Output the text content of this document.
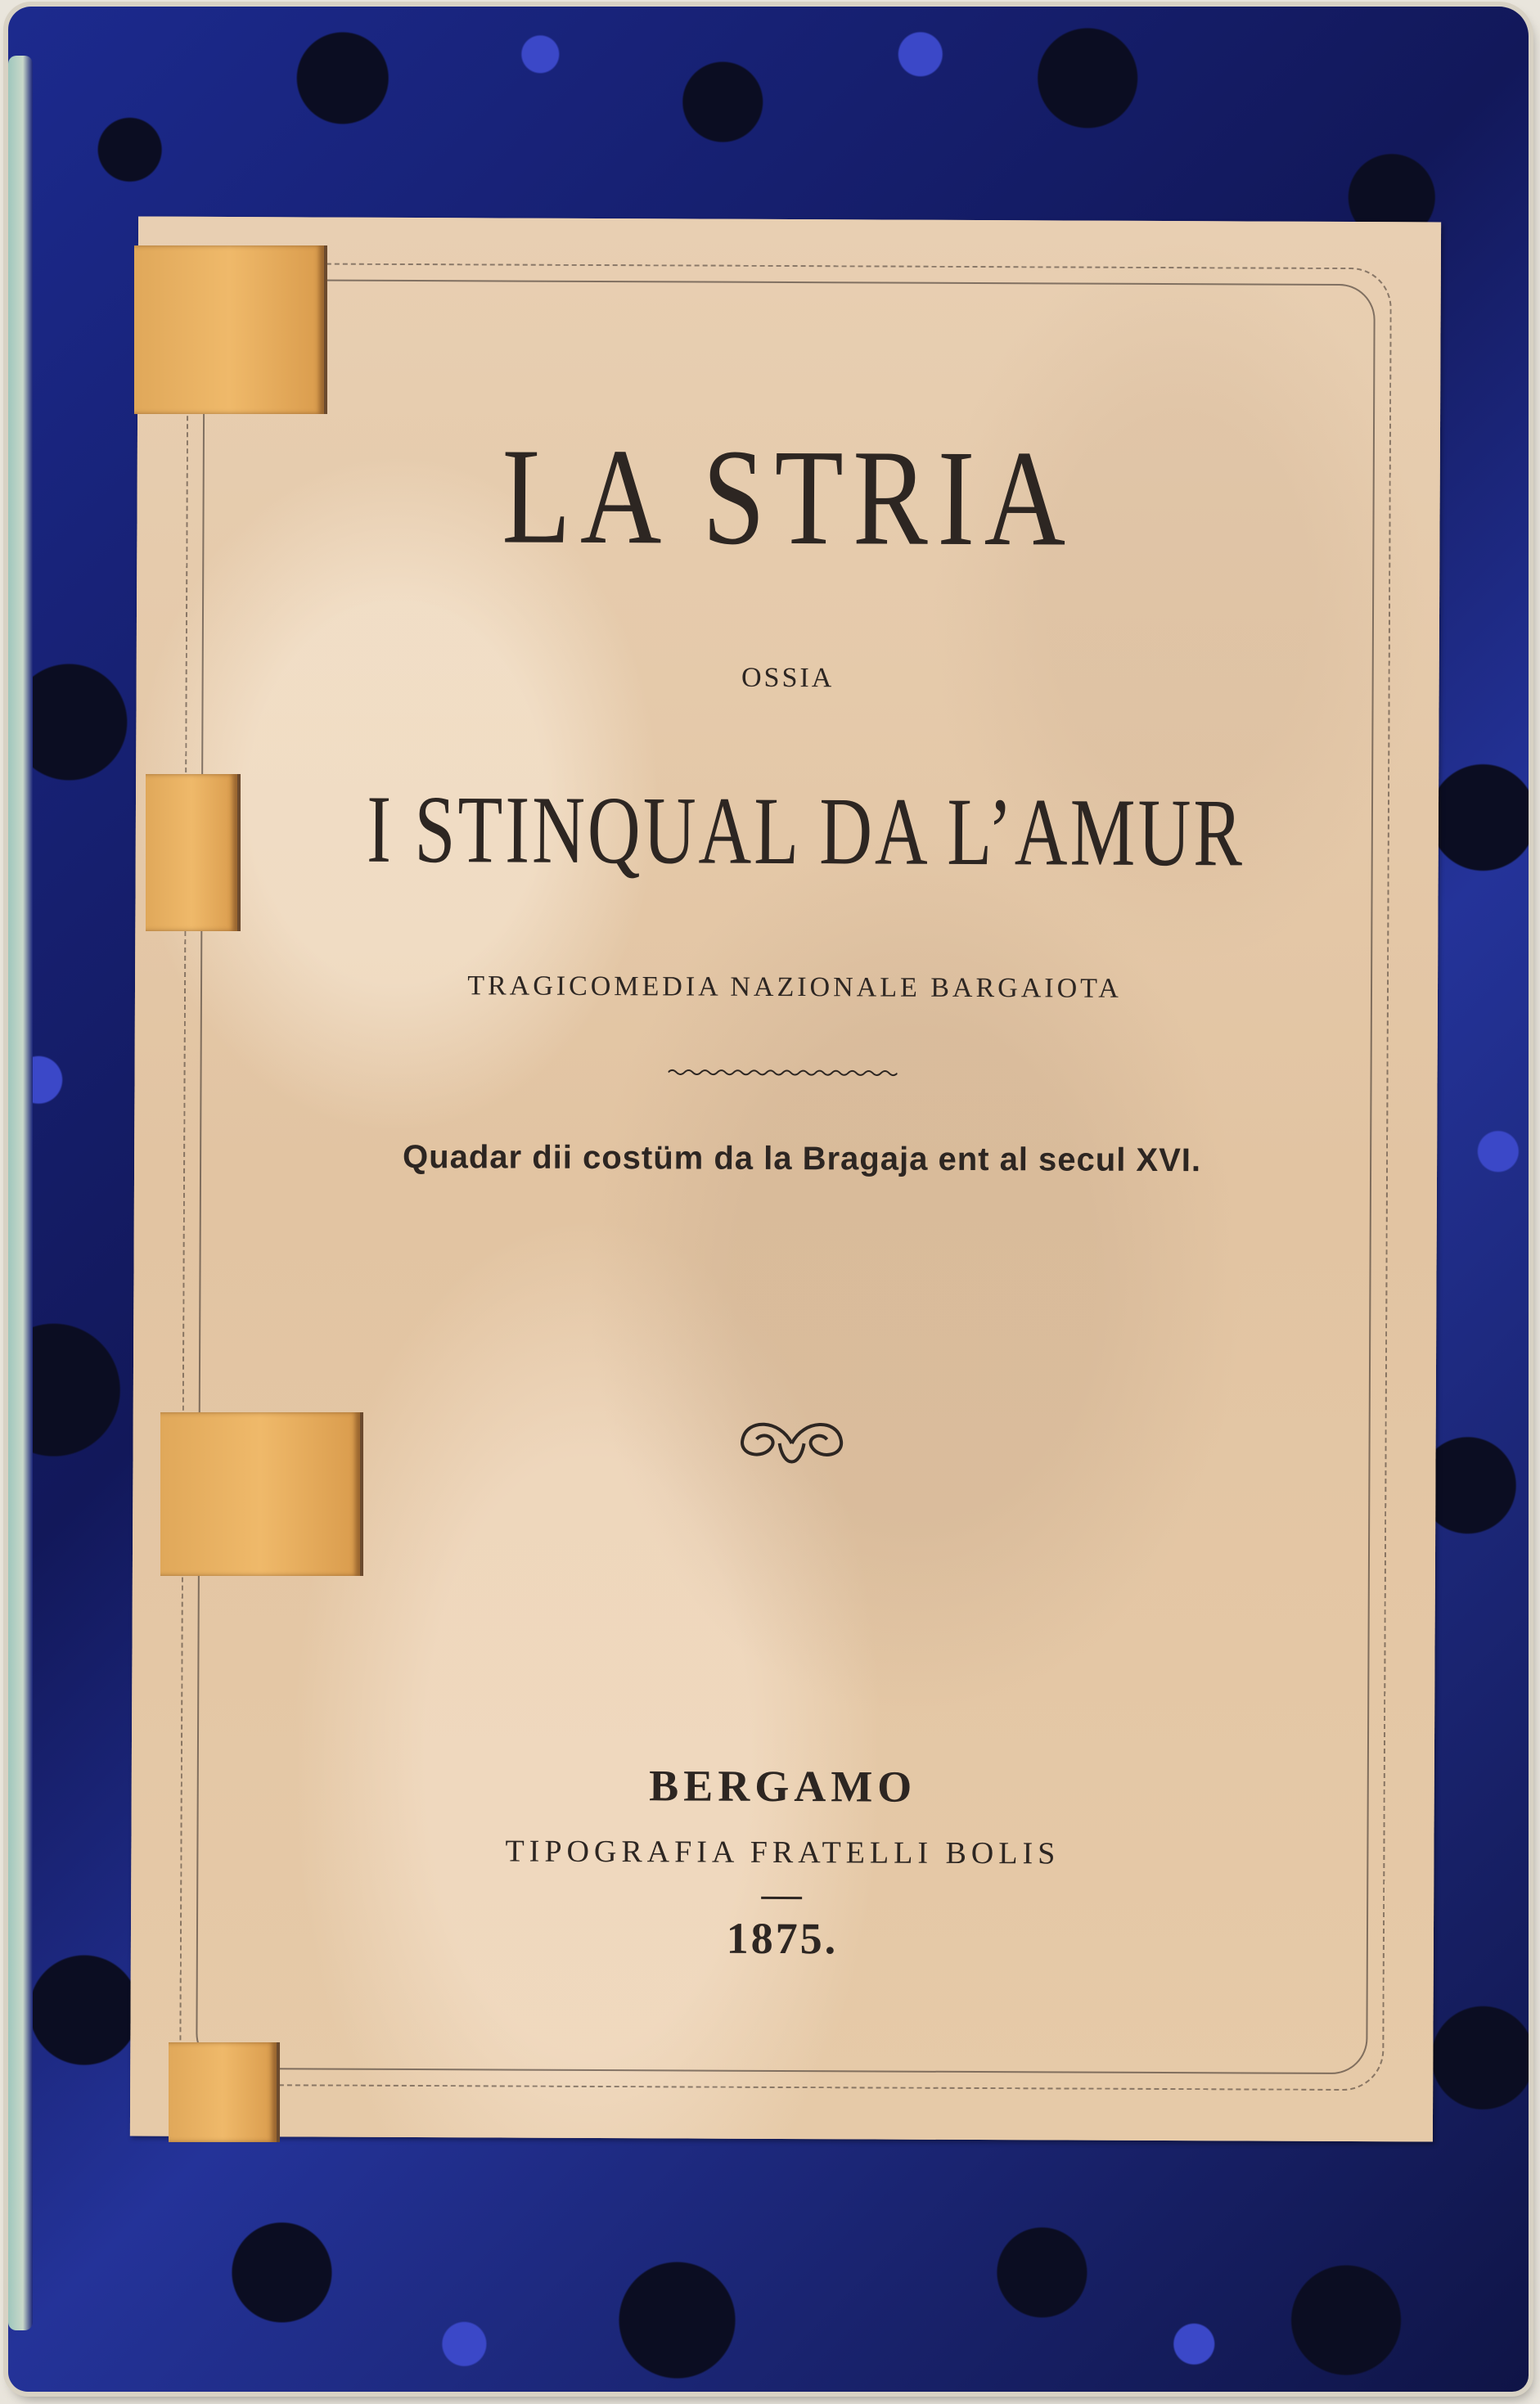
LA STRIA
OSSIA
I STINQUAL DA L’AMUR
TRAGICOMEDIA NAZIONALE BARGAIOTA
Quadar dii costüm da la Bragaja ent al secul XVI.
BERGAMO
TIPOGRAFIA FRATELLI BOLIS
1875.
